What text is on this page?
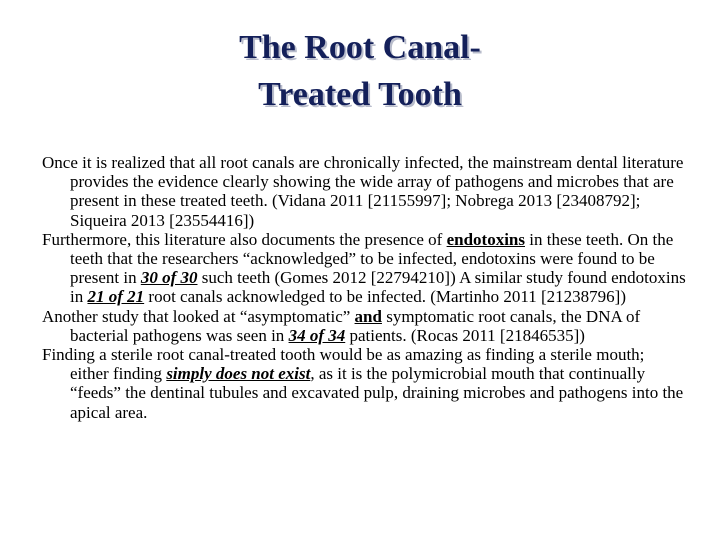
The Root Canal-
Treated Tooth

Once it is realized that all root canals are chronically infected, the mainstream dental literature provides the evidence clearly showing the wide array of pathogens and microbes that are present in these treated teeth. (Vidana 2011 [21155997]; Nobrega 2013 [23408792]; Siqueira 2013 [23554416])

Furthermore, this literature also documents the presence of endotoxins in these teeth. On the teeth that the researchers “acknowledged” to be infected, endotoxins were found to be present in 30 of 30 such teeth (Gomes 2012 [22794210]) A similar study found endotoxins in 21 of 21 root canals acknowledged to be infected. (Martinho 2011 [21238796])

Another study that looked at “asymptomatic” and symptomatic root canals, the DNA of bacterial pathogens was seen in 34 of 34 patients. (Rocas 2011 [21846535])

Finding a sterile root canal-treated tooth would be as amazing as finding a sterile mouth; either finding simply does not exist, as it is the polymicrobial mouth that continually “feeds” the dentinal tubules and excavated pulp, draining microbes and pathogens into the apical area.
